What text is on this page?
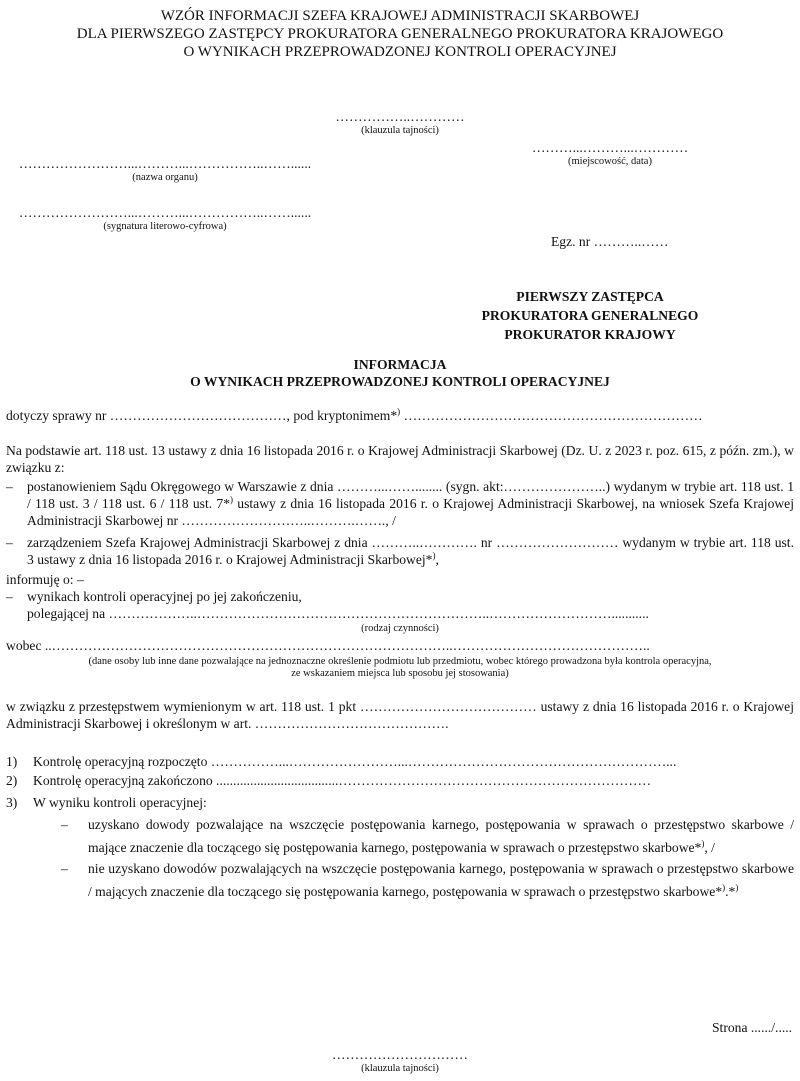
WZÓR INFORMACJI SZEFA KRAJOWEJ ADMINISTRACJI SKARBOWEJ
DLA PIERWSZEGO ZASTĘPCY PROKURATORA GENERALNEGO PROKURATORA KRAJOWEGO
O WYNIKACH PRZEPROWADZONEJ KONTROLI OPERACYJNEJ
……………..…………
(klauzula tajności)
……………………...………...……………..……......
(nazwa organu)
………...………...…………
(miejscowość, data)
……………………...………...……………..……......
(sygnatura literowo-cyfrowa)
Egz. nr ………..……
PIERWSZY ZASTĘPCA
PROKURATORA GENERALNEGO
PROKURATOR KRAJOWY
INFORMACJA
O WYNIKACH PRZEPROWADZONEJ KONTROLI OPERACYJNEJ
dotyczy sprawy nr …………………………………, pod kryptonimem*) …………………………………………………………
Na podstawie art. 118 ust. 13 ustawy z dnia 16 listopada 2016 r. o Krajowej Administracji Skarbowej (Dz. U. z 2023 r. poz. 615, z późn. zm.), w związku z:
– postanowieniem Sądu Okręgowego w Warszawie z dnia ………...……........ (sygn. akt:…………………..) wydanym w trybie art. 118 ust. 1 / 118 ust. 3 / 118 ust. 6 / 118 ust. 7*) ustawy z dnia 16 listopada 2016 r. o Krajowej Administracji Skarbowej, na wniosek Szefa Krajowej Administracji Skarbowej nr ………………………..……….……., /
– zarządzeniem Szefa Krajowej Administracji Skarbowej z dnia ………..…………. nr ……………………… wydanym w trybie art. 118 ust. 3 ustawy z dnia 16 listopada 2016 r. o Krajowej Administracji Skarbowej*),
informuję o: –
– wynikach kontroli operacyjnej po jej zakończeniu,
polegającej na ………………..………………………………………………………..………………………...........
(rodzaj czynności)
wobec ..……………………………………………………………………………..……………………………………..
(dane osoby lub inne dane pozwalające na jednoznaczne określenie podmiotu lub przedmiotu, wobec którego prowadzona była kontrola operacyjna,
ze wskazaniem miejsca lub sposobu jej stosowania)
w związku z przestępstwem wymienionym w art. 118 ust. 1 pkt ………………………………… ustawy z dnia 16 listopada 2016 r. o Krajowej Administracji Skarbowej i określonym w art. …………………………………….
1) Kontrolę operacyjną rozpoczęto ……………...……………………...…………………………………………………...
2) Kontrolę operacyjną zakończono ....................................……………………………………………………………
3) W wyniku kontroli operacyjnej:
– uzyskano dowody pozwalające na wszczęcie postępowania karnego, postępowania w sprawach o przestępstwo skarbowe / mające znaczenie dla toczącego się postępowania karnego, postępowania w sprawach o przestępstwo skarbowe*), /
– nie uzyskano dowodów pozwalających na wszczęcie postępowania karnego, postępowania w sprawach o przestępstwo skarbowe / mających znaczenie dla toczącego się postępowania karnego, postępowania w sprawach o przestępstwo skarbowe*).*)
Strona ....../.....
…………………………
(klauzula tajności)
